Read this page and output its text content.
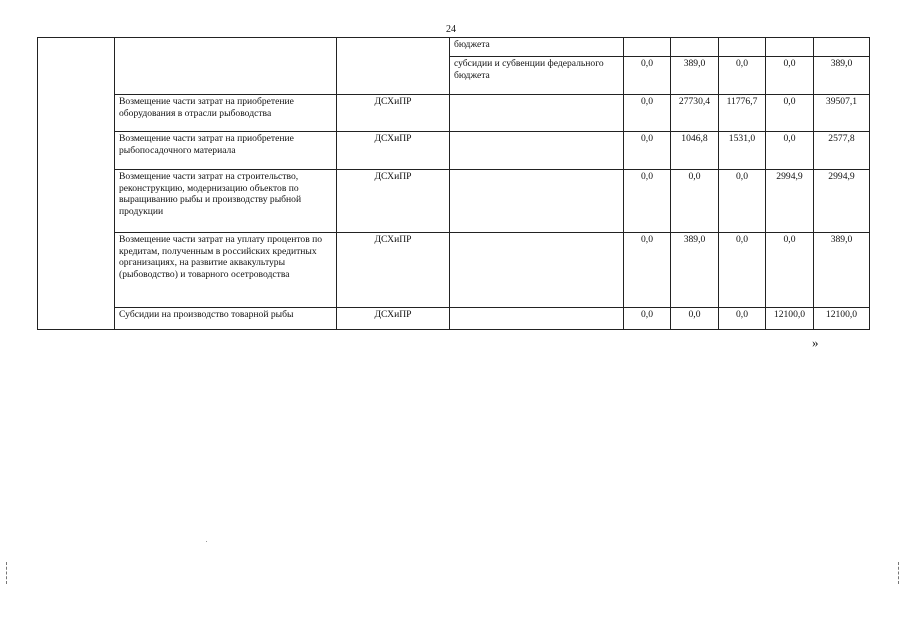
24
			бюджета					
			субсидии и субвенции федерального бюджета	0,0	389,0	0,0	0,0	389,0
	Возмещение части затрат на приобретение оборудования в отрасли рыбоводства	ДСХиПР		0,0	27730,4	11776,7	0,0	39507,1
	Возмещение части затрат на приобретение рыбопосадочного материала	ДСХиПР		0,0	1046,8	1531,0	0,0	2577,8
	Возмещение части затрат на строительство, реконструкцию, модернизацию объектов по выращиванию рыбы и производству рыбной продукции	ДСХиПР		0,0	0,0	0,0	2994,9	2994,9
	Возмещение части затрат на уплату процентов по кредитам, полученным в российских кредитных организациях, на развитие аквакультуры (рыбоводство) и товарного осетроводства	ДСХиПР		0,0	389,0	0,0	0,0	389,0
	Субсидии на производство товарной рыбы	ДСХиПР		0,0	0,0	0,0	12100,0	12100,0
»
